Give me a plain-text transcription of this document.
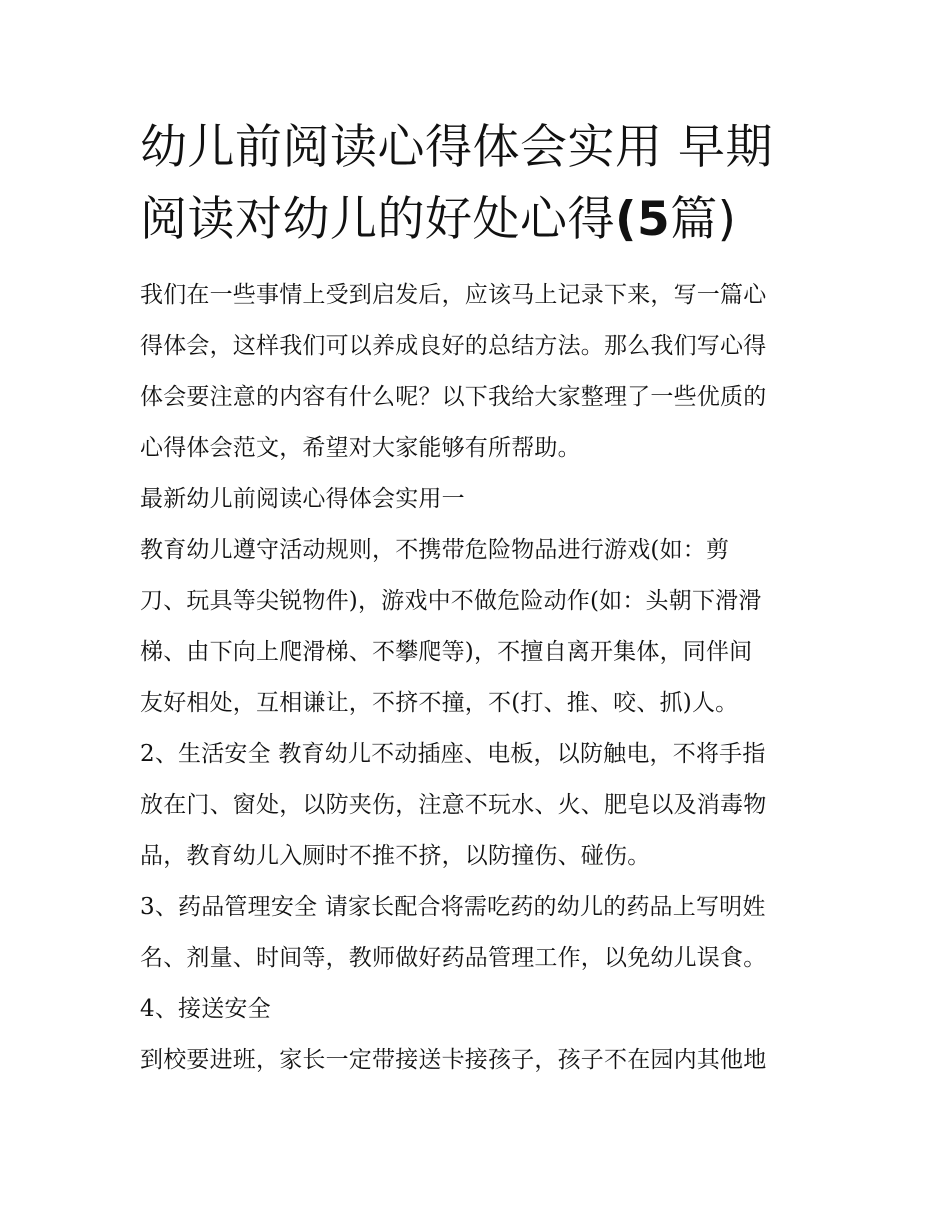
幼儿前阅读心得体会实用 早期
阅读对幼儿的好处心得(5篇)
我们在一些事情上受到启发后，应该马上记录下来，写一篇心
得体会，这样我们可以养成良好的总结方法。那么我们写心得
体会要注意的内容有什么呢？以下我给大家整理了一些优质的
心得体会范文，希望对大家能够有所帮助。
最新幼儿前阅读心得体会实用一
教育幼儿遵守活动规则，不携带危险物品进行游戏(如：剪
刀、玩具等尖锐物件)，游戏中不做危险动作(如：头朝下滑滑
梯、由下向上爬滑梯、不攀爬等)，不擅自离开集体，同伴间
友好相处，互相谦让，不挤不撞，不(打、推、咬、抓)人。
2、生活安全 教育幼儿不动插座、电板，以防触电，不将手指
放在门、窗处，以防夹伤，注意不玩水、火、肥皂以及消毒物
品，教育幼儿入厕时不推不挤，以防撞伤、碰伤。
3、药品管理安全 请家长配合将需吃药的幼儿的药品上写明姓
名、剂量、时间等，教师做好药品管理工作，以免幼儿误食。
4、接送安全
到校要进班，家长一定带接送卡接孩子，孩子不在园内其他地
